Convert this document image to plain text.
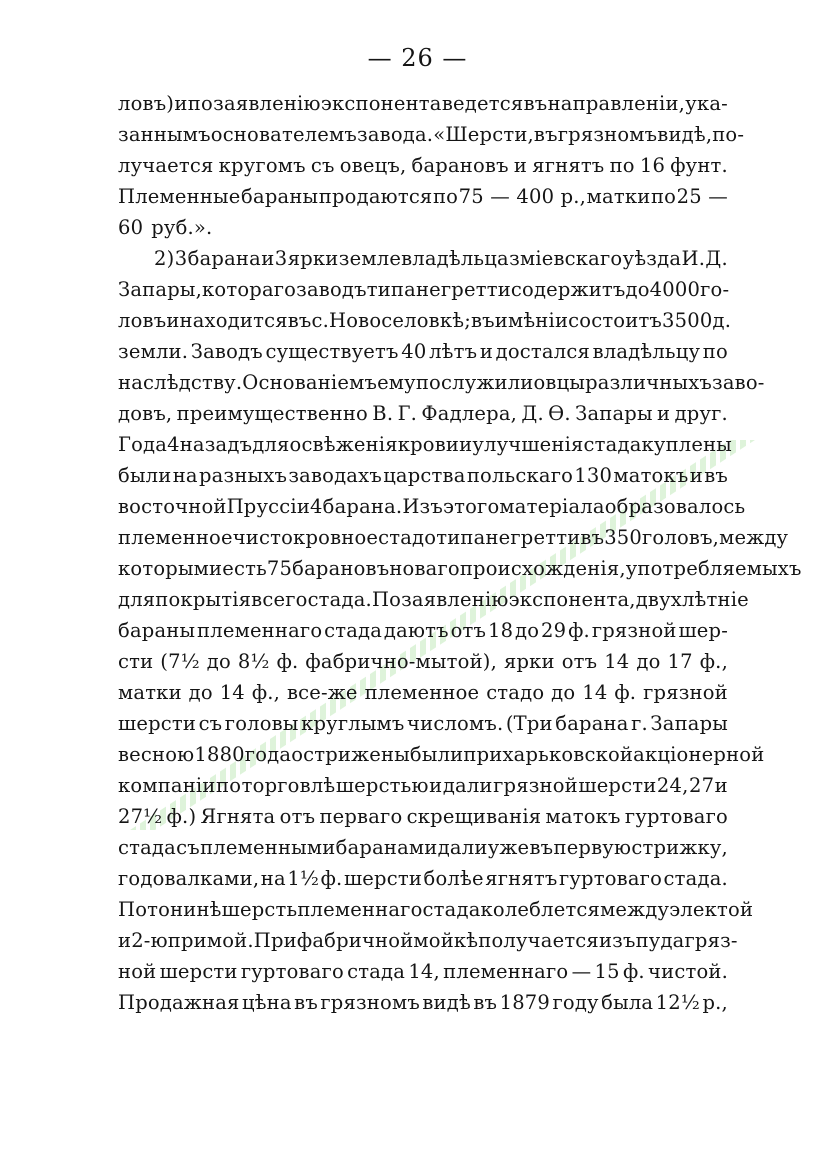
— 26 —
ловъ) и по заявленію экспонента ведется въ направленіи, ука-
заннымъ основателемъ завода. «Шерсти, въ грязномъ видѣ, по-
лучается кругомъ съ овецъ, барановъ и ягнятъ по 16 фунт.
Племенные бараны продаются по 75 — 400 р., матки по 25 —
60 руб.».
2) 3 барана и 3 ярки землевладѣльца зміевскаго уѣзда И. Д.
Запары, котораго заводъ типа негретти содержитъ до 4000 го-
ловъ и находится въ с. Новоселовкѣ; въ имѣніи состоитъ 3500 д.
земли. Заводъ существуетъ 40 лѣтъ и достался владѣльцу по
наслѣдству. Основаніемъ ему послужили овцы различныхъ заво-
довъ, преимущественно В. Г. Фадлера, Д. Ѳ. Запары и друг.
Года 4 назадъ для освѣженія крови и улучшенія стада куплены
были на разныхъ заводахъ царства польскаго 130 матокъ и въ
восточной Пруссіи 4 барана. Изъ этого матеріала образовалось
племенное чистокровное стадо типа негретти въ 350 головъ, между
которыми есть 75 барановъ новаго происхожденія, употребляемыхъ
для покрытія всего стада. По заявленію экспонента, двухлѣтніе
бараны племеннаго стада даютъ отъ 18 до 29 ф. грязной шер-
сти (7½ до 8½ ф. фабрично-мытой), ярки отъ 14 до 17 ф.,
матки до 14 ф., все-же племенное стадо до 14 ф. грязной
шерсти съ головы круглымъ числомъ. (Три барана г. Запары
весною 1880 года острижены были при харьковской акціонерной
компаніи по торговлѣ шерстью и дали грязной шерсти 24, 27 и
27½ ф.) Ягнята отъ перваго скрещиванія матокъ гуртоваго
стада съ племенными баранами дали уже въ первую стрижку,
годовалками, на 1½ ф. шерсти болѣе ягнятъ гуртоваго стада.
По тонинѣ шерсть племеннаго стада колеблется между электой
и 2-ю примой. При фабричной мойкѣ получается изъ пуда гряз-
ной шерсти гуртоваго стада 14, племеннаго — 15 ф. чистой.
Продажная цѣна въ грязномъ видѣ въ 1879 году была 12½ р.,
